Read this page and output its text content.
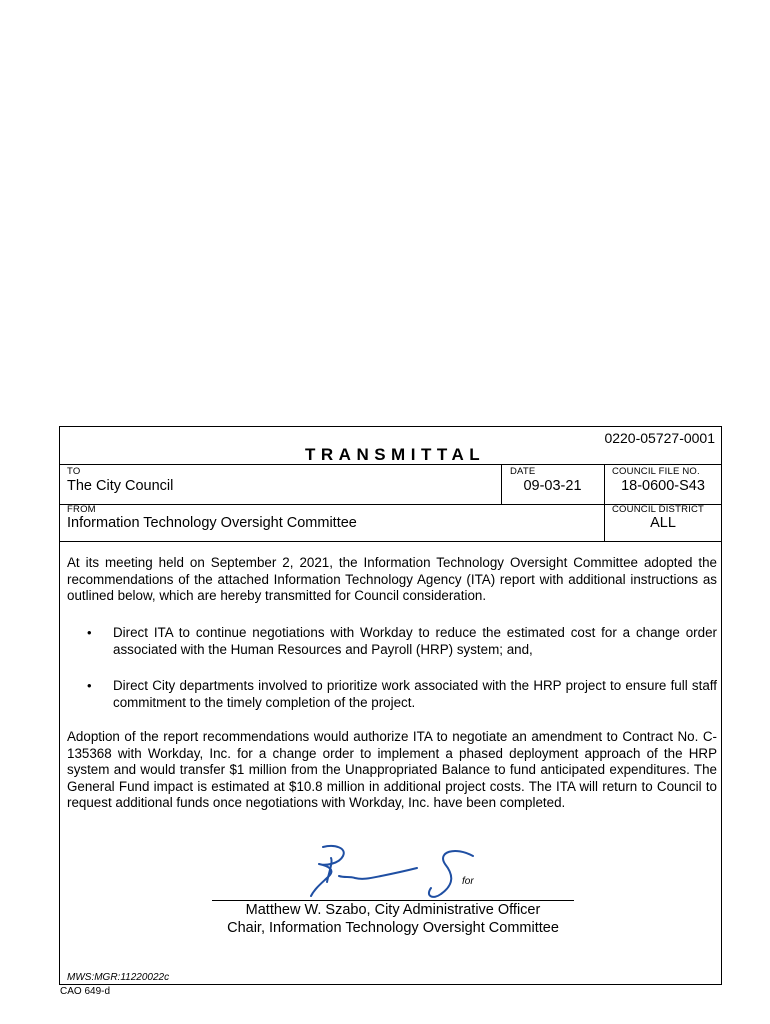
0220-05727-0001
TRANSMITTAL
TO
The City Council
DATE
09-03-21
COUNCIL FILE NO.
18-0600-S43
FROM
Information Technology Oversight Committee
COUNCIL DISTRICT
ALL
At its meeting held on September 2, 2021, the Information Technology Oversight Committee adopted the recommendations of the attached Information Technology Agency (ITA) report with additional instructions as outlined below, which are hereby transmitted for Council consideration.
• Direct ITA to continue negotiations with Workday to reduce the estimated cost for a change order associated with the Human Resources and Payroll (HRP) system; and,
• Direct City departments involved to prioritize work associated with the HRP project to ensure full staff commitment to the timely completion of the project.
Adoption of the report recommendations would authorize ITA to negotiate an amendment to Contract No. C-135368 with Workday, Inc. for a change order to implement a phased deployment approach of the HRP system and would transfer $1 million from the Unappropriated Balance to fund anticipated expenditures. The General Fund impact is estimated at $10.8 million in additional project costs. The ITA will return to Council to request additional funds once negotiations with Workday, Inc. have been completed.
for
Matthew W. Szabo, City Administrative Officer
Chair, Information Technology Oversight Committee
MWS:MGR:11220022c
CAO 649-d
